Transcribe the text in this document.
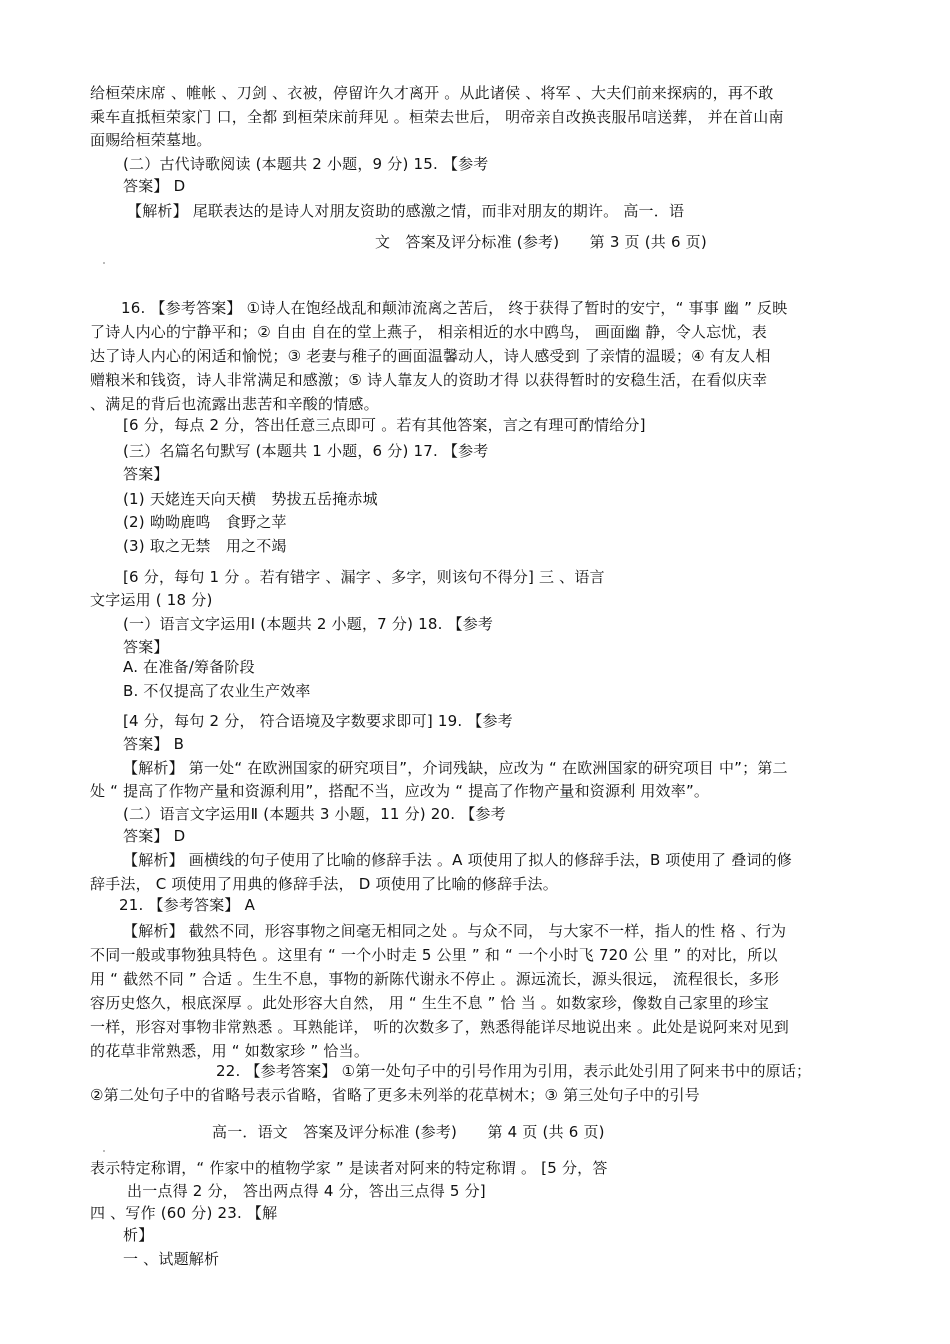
给桓荣床席 、帷帐 、刀剑 、衣被，停留许久才离开 。从此诸侯 、将军 、大夫们前来探病的，再不敢
乘车直抵桓荣家门 口，全都 到桓荣床前拜见 。桓荣去世后， 明帝亲自改换丧服吊唁送葬， 并在首山南
面赐给桓荣墓地。
(二）古代诗歌阅读 (本题共 2 小题，9 分) 15. 【参考
答案】 D
【解析】 尾联表达的是诗人对朋友资助的感激之情，而非对朋友的期许。 高一．语
文　答案及评分标准 (参考)　　第 3 页 (共 6 页)
16. 【参考答案】 ①诗人在饱经战乱和颠沛流离之苦后， 终于获得了暂时的安宁，“ 事事 幽 ” 反映
了诗人内心的宁静平和；② 自由 自在的堂上燕子， 相亲相近的水中鸥鸟， 画面幽 静，令人忘忧，表
达了诗人内心的闲适和愉悦；③ 老妻与稚子的画面温馨动人，诗人感受到 了亲情的温暖；④ 有友人相
赠粮米和钱资，诗人非常满足和感激；⑤ 诗人靠友人的资助才得 以获得暂时的安稳生活，在看似庆幸
、满足的背后也流露出悲苦和辛酸的情感。
[6 分，每点 2 分，答出任意三点即可 。若有其他答案，言之有理可酌情给分]
(三）名篇名句默写 (本题共 1 小题，6 分) 17. 【参考
答案】
(1) 天姥连天向天横　势拔五岳掩赤城
(2) 呦呦鹿鸣　食野之苹
(3) 取之无禁　用之不竭
[6 分，每句 1 分 。若有错字 、漏字 、多字，则该句不得分] 三 、语言
文字运用 ( 18 分)
(一）语言文字运用Ⅰ (本题共 2 小题，7 分) 18. 【参考
答案】
A. 在准备/筹备阶段
B. 不仅提高了农业生产效率
[4 分，每句 2 分， 符合语境及字数要求即可] 19. 【参考
答案】 B
【解析】 第一处“ 在欧洲国家的研究项目”，介词残缺，应改为 “ 在欧洲国家的研究项目 中”；第二
处 “ 提高了作物产量和资源利用”，搭配不当，应改为 “ 提高了作物产量和资源利 用效率”。
(二）语言文字运用Ⅱ (本题共 3 小题，11 分) 20. 【参考
答案】 D
【解析】 画横线的句子使用了比喻的修辞手法 。A 项使用了拟人的修辞手法，B 项使用了 叠词的修
辞手法， C 项使用了用典的修辞手法， D 项使用了比喻的修辞手法。
21. 【参考答案】 A
【解析】 截然不同，形容事物之间毫无相同之处 。与众不同， 与大家不一样，指人的性 格 、行为
不同一般或事物独具特色 。这里有 “ 一个小时走 5 公里 ” 和 “ 一个小时飞 720 公 里 ” 的对比，所以
用 “ 截然不同 ” 合适 。生生不息，事物的新陈代谢永不停止 。源远流长，源头很远， 流程很长，多形
容历史悠久，根底深厚 。此处形容大自然， 用 “ 生生不息 ” 恰 当 。如数家珍，像数自己家里的珍宝
一样，形容对事物非常熟悉 。耳熟能详， 听的次数多了，熟悉得能详尽地说出来 。此处是说阿来对见到
的花草非常熟悉，用 “ 如数家珍 ” 恰当。
22. 【参考答案】 ①第一处句子中的引号作用为引用，表示此处引用了阿来书中的原话；
②第二处句子中的省略号表示省略，省略了更多未列举的花草树木；③ 第三处句子中的引号
高一．语文　答案及评分标准 (参考)　　第 4 页 (共 6 页)
表示特定称谓，“ 作家中的植物学家 ” 是读者对阿来的特定称谓 。 [5 分，答
出一点得 2 分， 答出两点得 4 分，答出三点得 5 分]
四 、写作 (60 分) 23. 【解
析】
一 、试题解析
